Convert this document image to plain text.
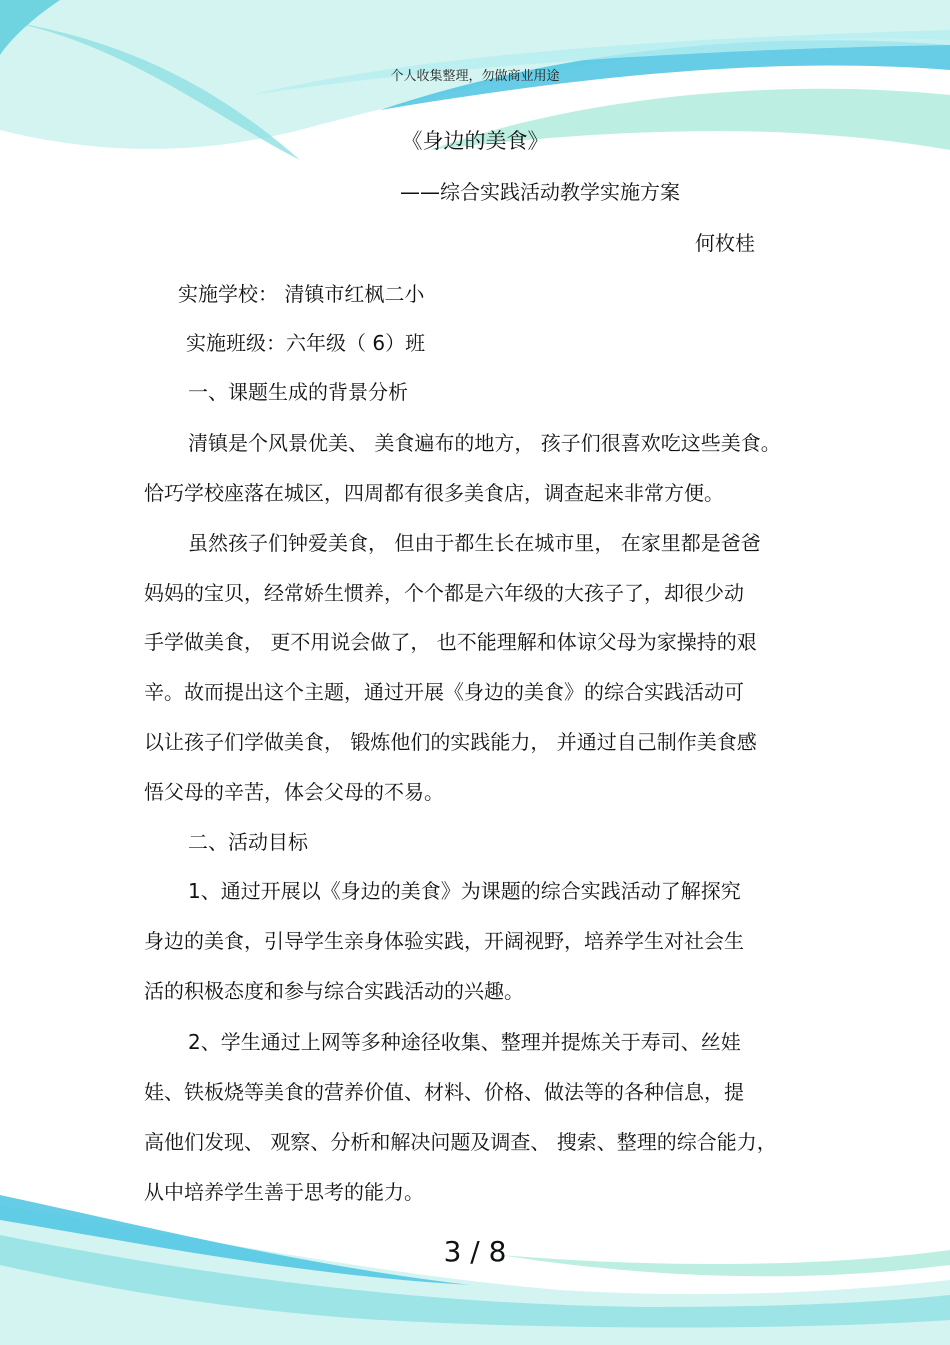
个人收集整理，勿做商业用途
《身边的美食》
——综合实践活动教学实施方案
何枚桂
实施学校： 清镇市红枫二小
实施班级：六年级（ 6）班
一、课题生成的背景分析
清镇是个风景优美、 美食遍布的地方， 孩子们很喜欢吃这些美食。
恰巧学校座落在城区，四周都有很多美食店，调查起来非常方便。
虽然孩子们钟爱美食， 但由于都生长在城市里， 在家里都是爸爸
妈妈的宝贝，经常娇生惯养，个个都是六年级的大孩子了，却很少动
手学做美食， 更不用说会做了， 也不能理解和体谅父母为家操持的艰
辛。故而提出这个主题，通过开展《身边的美食》的综合实践活动可
以让孩子们学做美食， 锻炼他们的实践能力， 并通过自己制作美食感
悟父母的辛苦，体会父母的不易。
二、活动目标
1、通过开展以《身边的美食》为课题的综合实践活动了解探究
身边的美食，引导学生亲身体验实践，开阔视野，培养学生对社会生
活的积极态度和参与综合实践活动的兴趣。
2、学生通过上网等多种途径收集、整理并提炼关于寿司、丝娃
娃、铁板烧等美食的营养价值、材料、价格、做法等的各种信息，提
高他们发现、 观察、分析和解决问题及调查、 搜索、整理的综合能力，
从中培养学生善于思考的能力。
3 / 8
